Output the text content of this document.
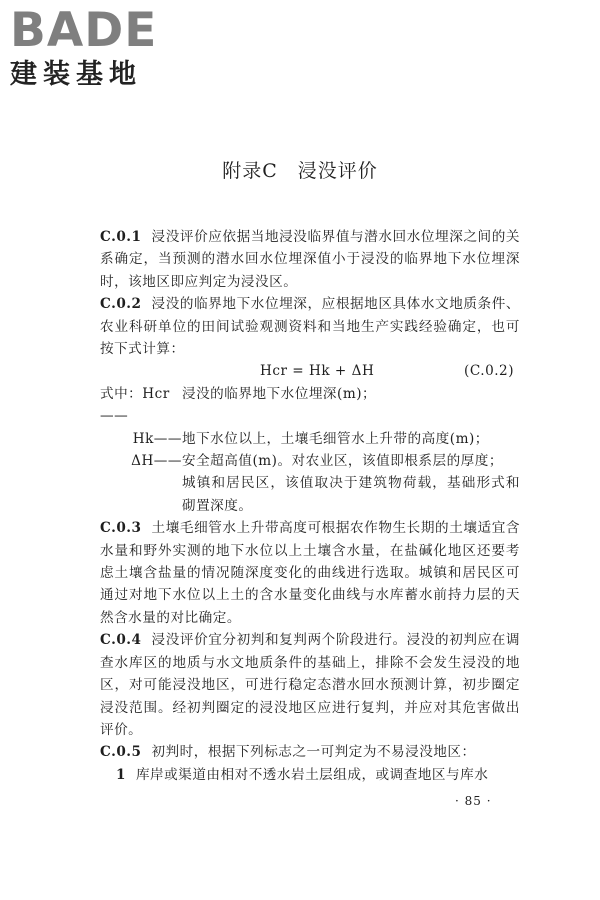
BADE
建装基地
附录C　浸没评价

C.0.1 浸没评价应依据当地浸没临界值与潜水回水位埋深之间的关系确定，当预测的潜水回水位埋深值小于浸没的临界地下水位埋深时，该地区即应判定为浸没区。

C.0.2 浸没的临界地下水位埋深，应根据地区具体水文地质条件、农业科研单位的田间试验观测资料和当地生产实践经验确定，也可按下式计算：

Hcr = Hk + ΔH	(C.0.2)
式中：Hcr——
浸没的临界地下水位埋深(m)；
Hk—— 地下水位以上，土壤毛细管水上升带的高度(m)；
ΔH—— 安全超高值(m)。对农业区，该值即根系层的厚度；
城镇和居民区，该值取决于建筑物荷载，基础形式和砌置深度。

C.0.3 土壤毛细管水上升带高度可根据农作物生长期的土壤适宜含水量和野外实测的地下水位以上土壤含水量，在盐碱化地区还要考虑土壤含盐量的情况随深度变化的曲线进行选取。城镇和居民区可通过对地下水位以上土的含水量变化曲线与水库蓄水前持力层的天然含水量的对比确定。

C.0.4 浸没评价宜分初判和复判两个阶段进行。浸没的初判应在调查水库区的地质与水文地质条件的基础上，排除不会发生浸没的地区，对可能浸没地区，可进行稳定态潜水回水预测计算，初步圈定浸没范围。经初判圈定的浸没地区应进行复判，并应对其危害做出评价。

C.0.5 初判时，根据下列标志之一可判定为不易浸没地区：

1 库岸或渠道由相对不透水岩土层组成，或调查地区与库水

· 85 ·
